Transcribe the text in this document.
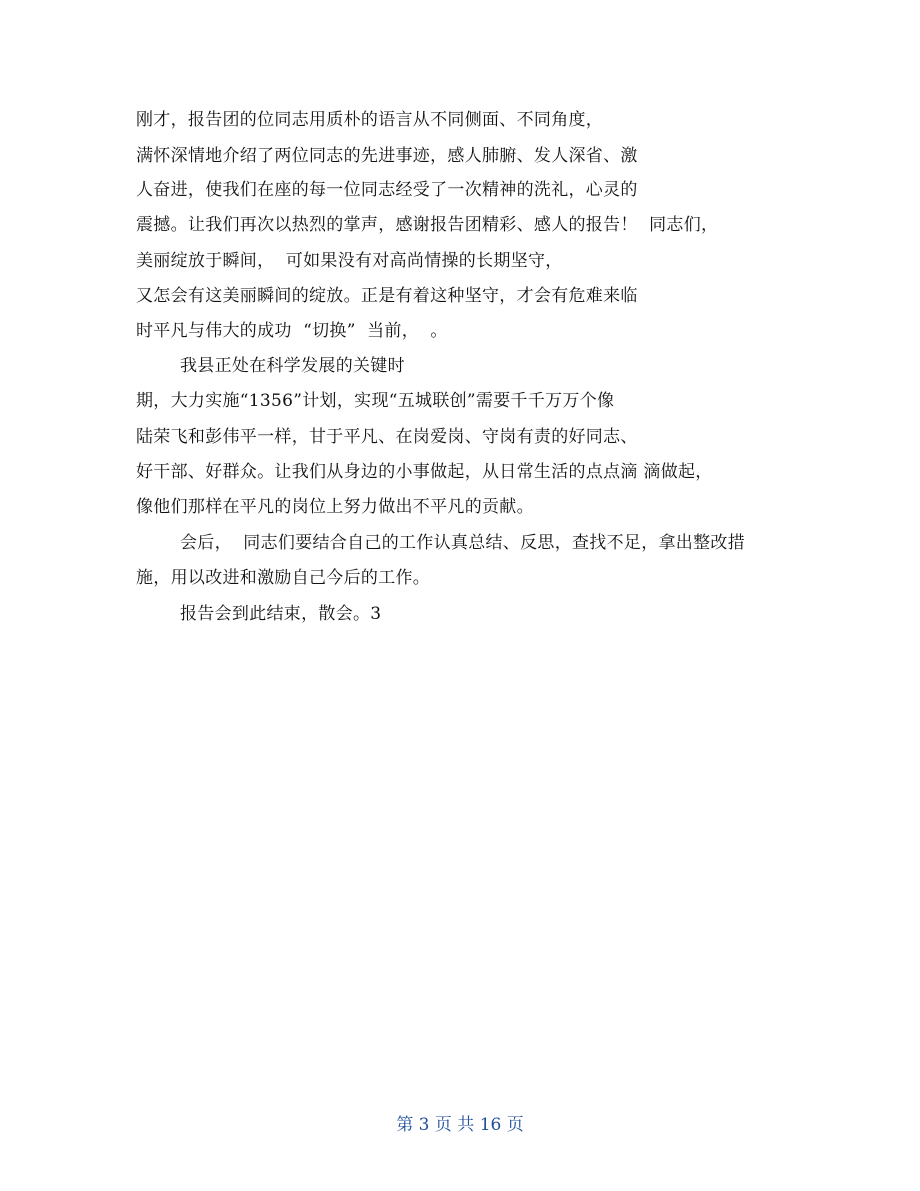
刚才，报告团的位同志用质朴的语言从不同侧面、不同角度，
满怀深情地介绍了两位同志的先进事迹，感人肺腑、发人深省、激
人奋进，使我们在座的每一位同志经受了一次精神的洗礼，心灵的
震撼。让我们再次以热烈的掌声，感谢报告团精彩、感人的报告！  同志们，
美丽绽放于瞬间，  可如果没有对高尚情操的长期坚守，
又怎会有这美丽瞬间的绽放。正是有着这种坚守，才会有危难来临
时平凡与伟大的成功  “切换”  当前，  。
我县正处在科学发展的关键时
期，大力实施“1356”计划，实现“五城联创”需要千千万万个像
陆荣飞和彭伟平一样，甘于平凡、在岗爱岗、守岗有责的好同志、
好干部、好群众。让我们从身边的小事做起，从日常生活的点点滴 滴做起，
像他们那样在平凡的岗位上努力做出不平凡的贡献。
会后，  同志们要结合自己的工作认真总结、反思，查找不足，拿出整改措
施，用以改进和激励自己今后的工作。
报告会到此结束，散会。3
第 3 页 共 16 页
